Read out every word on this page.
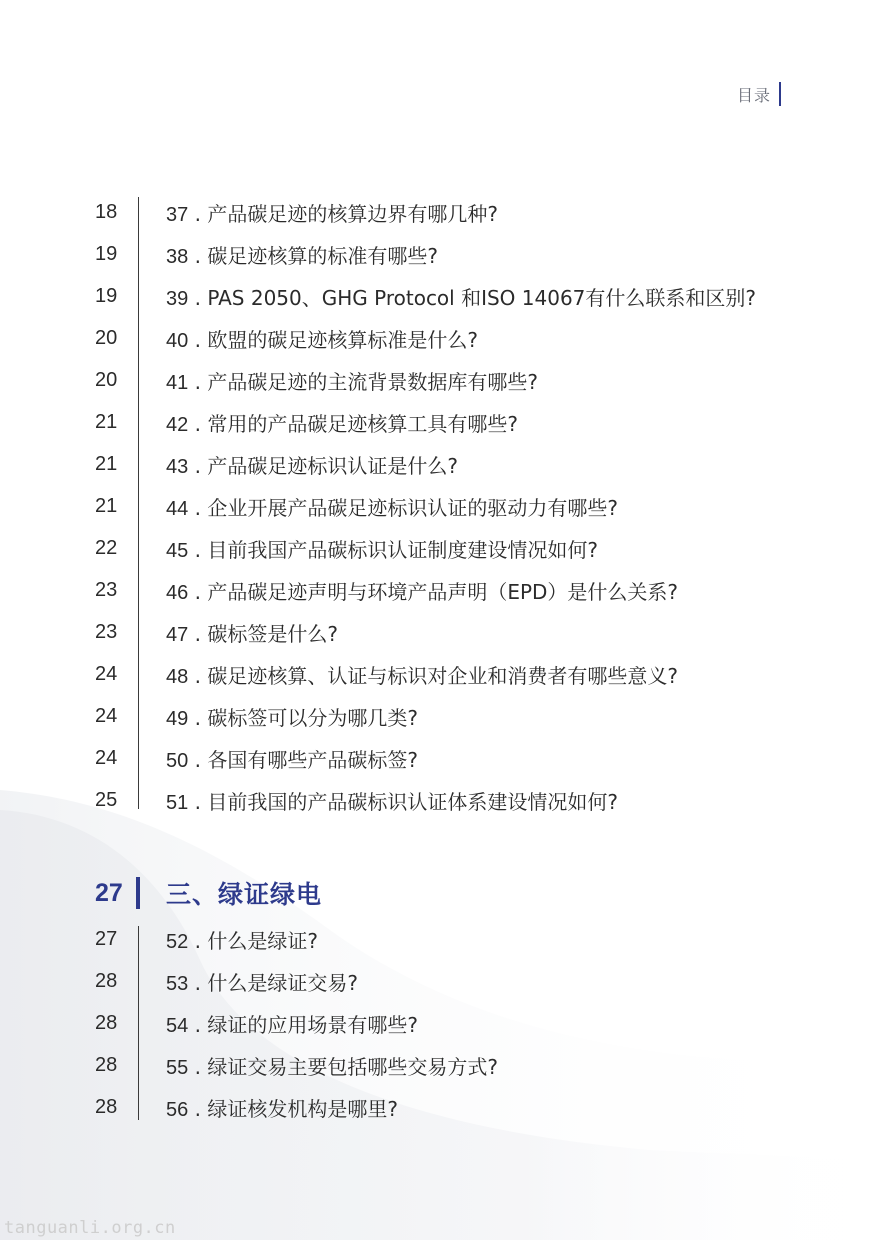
目录
18	37 . 产品碳足迹的核算边界有哪几种?
19	38 . 碳足迹核算的标准有哪些?
19	39 . PAS 2050、GHG Protocol 和ISO 14067有什么联系和区别?
20	40 . 欧盟的碳足迹核算标准是什么?
20	41 . 产品碳足迹的主流背景数据库有哪些?
21	42 . 常用的产品碳足迹核算工具有哪些?
21	43 . 产品碳足迹标识认证是什么?
21	44 . 企业开展产品碳足迹标识认证的驱动力有哪些?
22	45 . 目前我国产品碳标识认证制度建设情况如何?
23	46 . 产品碳足迹声明与环境产品声明（EPD）是什么关系?
23	47 . 碳标签是什么?
24	48 . 碳足迹核算、认证与标识对企业和消费者有哪些意义?
24	49 . 碳标签可以分为哪几类?
24	50 . 各国有哪些产品碳标签?
25	51 . 目前我国的产品碳标识认证体系建设情况如何?
27 三、绿证绿电
27	52 . 什么是绿证?
28	53 . 什么是绿证交易?
28	54 . 绿证的应用场景有哪些?
28	55 . 绿证交易主要包括哪些交易方式?
28	56 . 绿证核发机构是哪里?
tanguanli.org.cn
